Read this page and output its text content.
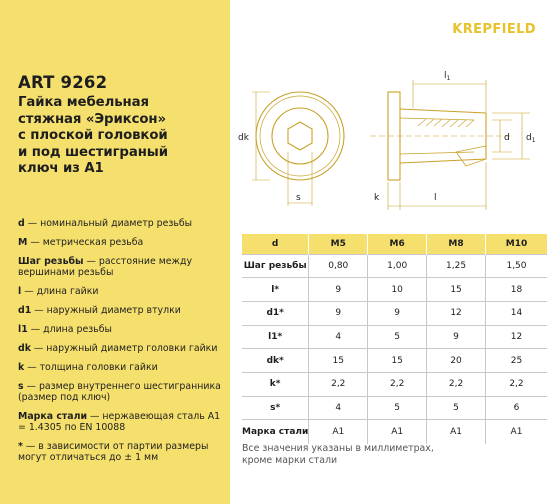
ART 9262
Гайка мебельная
стяжная «Эриксон»
с плоской головкой
и под шестиграный
ключ из А1
d — номинальный диаметр резьбы
M — метрическая резьба
Шаг резьбы — расстояние между вершинами резьбы
l — длина гайки
d1 — наружный диаметр втулки
l1 — длина резьбы
dk — наружный диаметр головки гайки
k — толщина головки гайки
s — размер внутреннего шестигранника (размер под ключ)
Марка стали — нержавеющая сталь А1 = 1.4305 по EN 10088
* — в зависимости от партии размеры могут отличаться до ± 1 мм
KREPFIELD
dk
s	k	l
$l_1$
d $d_1$
d	M5	M6	M8	M10
Шаг резьбы	0,80	1,00	1,25	1,50
l*	9	10	15	18
d1*	9	9	12	14
l1*	4	5	9	12
dk*	15	15	20	25
k*	2,2	2,2	2,2	2,2
s*	4	5	5	6
Марка стали	А1	А1	А1	А1
Все значения указаны в миллиметрах,
кроме марки стали
